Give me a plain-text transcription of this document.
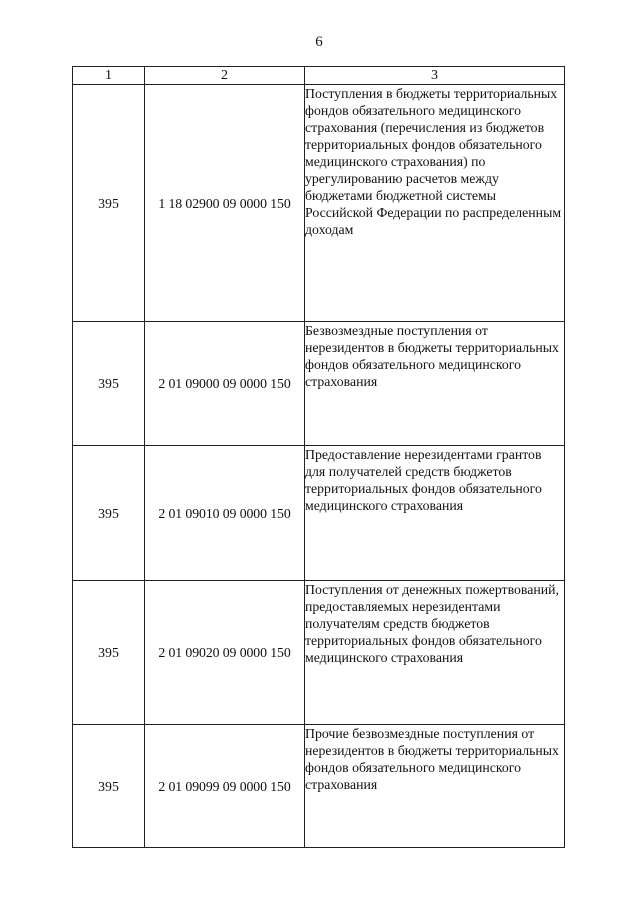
6
1	2	3
395	1 18 02900 09 0000 150	Поступления в бюджеты территориальных фондов обязательного медицинского страхования (перечисления из бюджетов территориальных фондов обязательного медицинского страхования) по урегулированию расчетов между бюджетами бюджетной системы Российской Федерации по распределенным доходам
395	2 01 09000 09 0000 150	Безвозмездные поступления от нерезидентов в бюджеты территориальных фондов обязательного медицинского страхования
395	2 01 09010 09 0000 150	Предоставление нерезидентами грантов для получателей средств бюджетов территориальных фондов обязательного медицинского страхования
395	2 01 09020 09 0000 150	Поступления от денежных пожертвований, предоставляемых нерезидентами получателям средств бюджетов территориальных фондов обязательного медицинского страхования
395	2 01 09099 09 0000 150	Прочие безвозмездные поступления от нерезидентов в бюджеты территориальных фондов обязательного медицинского страхования
